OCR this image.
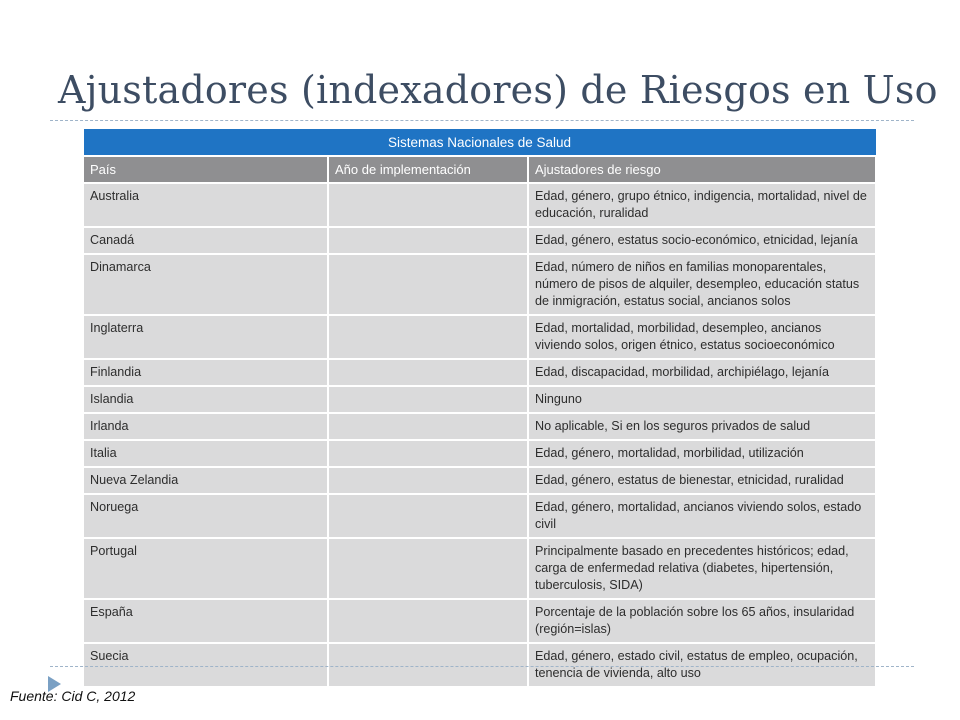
Ajustadores (indexadores) de Riesgos en Uso
Sistemas Nacionales de Salud		
País	Año de implementación	Ajustadores de riesgo
Australia		Edad, género, grupo étnico, indigencia, mortalidad, nivel de educación, ruralidad
Canadá		Edad, género, estatus socio-económico, etnicidad, lejanía
Dinamarca		Edad, número de niños en familias monoparentales, número de pisos de alquiler, desempleo, educación status de inmigración, estatus social, ancianos solos
Inglaterra		Edad, mortalidad, morbilidad, desempleo, ancianos viviendo solos, origen étnico, estatus socioeconómico
Finlandia		Edad, discapacidad, morbilidad, archipiélago, lejanía
Islandia		Ninguno
Irlanda		No aplicable, Si en los seguros privados de salud
Italia		Edad, género, mortalidad, morbilidad, utilización
Nueva Zelandia		Edad, género, estatus de bienestar, etnicidad, ruralidad
Noruega		Edad, género, mortalidad, ancianos viviendo solos, estado civil
Portugal		Principalmente basado en precedentes históricos; edad, carga de enfermedad relativa (diabetes, hipertensión, tuberculosis, SIDA)
España		Porcentaje de la población sobre los 65 años, insularidad (región=islas)
Suecia		Edad, género, estado civil, estatus de empleo, ocupación, tenencia de vivienda, alto uso
Fuente: Cid C, 2012
